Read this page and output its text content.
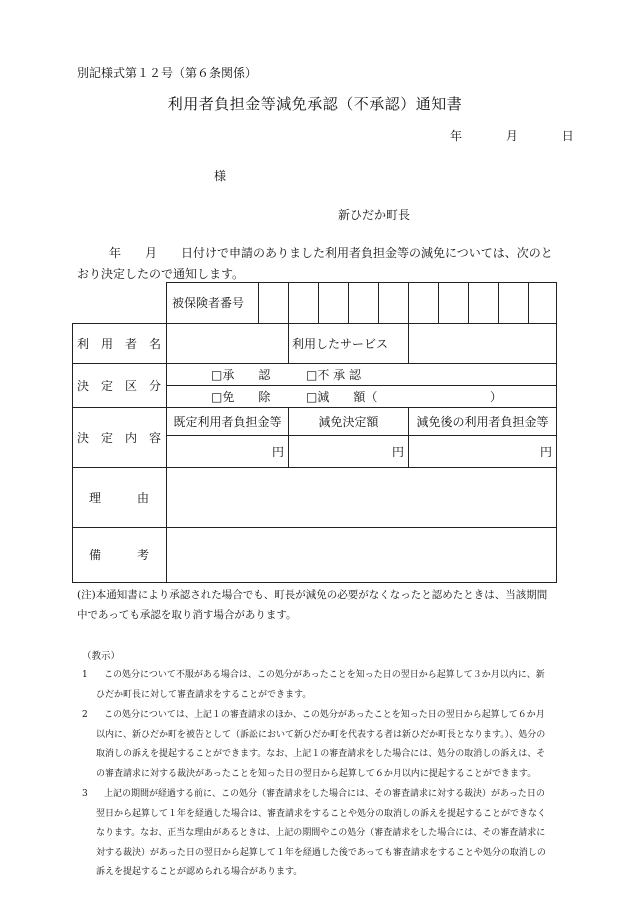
別記様式第１２号（第６条関係）
利用者負担金等減免承認（不承認）通知書
年	月	日
様
新ひだか町長
年　　月　　日付けで申請のありました利用者負担金等の減免については、次のとおり決定したので通知します。
被保険者番号
利　用　者　名	利用したサービス
決　定　区　分
□承　　認	□不 承 認
□免　　除	□減　　額（	）
決　定　内　容
既定利用者負担金等	減免決定額	減免後の利用者負担金等
円	円	円
理　　　由
備　　　考
(注)本通知書により承認された場合でも、町長が減免の必要がなくなったと認めたときは、当該期間中であっても承認を取り消す場合があります。
（教示）
1	この処分について不服がある場合は、この処分があったことを知った日の翌日から起算して３か月以内に、新ひだか町長に対して審査請求をすることができます。
2	この処分については、上記１の審査請求のほか、この処分があったことを知った日の翌日から起算して６か月以内に、新ひだか町を被告として（訴訟において新ひだか町を代表する者は新ひだか町長となります。）、処分の取消しの訴えを提起することができます。なお、上記１の審査請求をした場合には、処分の取消しの訴えは、その審査請求に対する裁決があったことを知った日の翌日から起算して６か月以内に提起することができます。
3	上記の期間が経過する前に、この処分（審査請求をした場合には、その審査請求に対する裁決）があった日の翌日から起算して１年を経過した場合は、審査請求をすることや処分の取消しの訴えを提起することができなくなります。なお、正当な理由があるときは、上記の期間やこの処分（審査請求をした場合には、その審査請求に対する裁決）があった日の翌日から起算して１年を経過した後であっても審査請求をすることや処分の取消しの訴えを提起することが認められる場合があります。
